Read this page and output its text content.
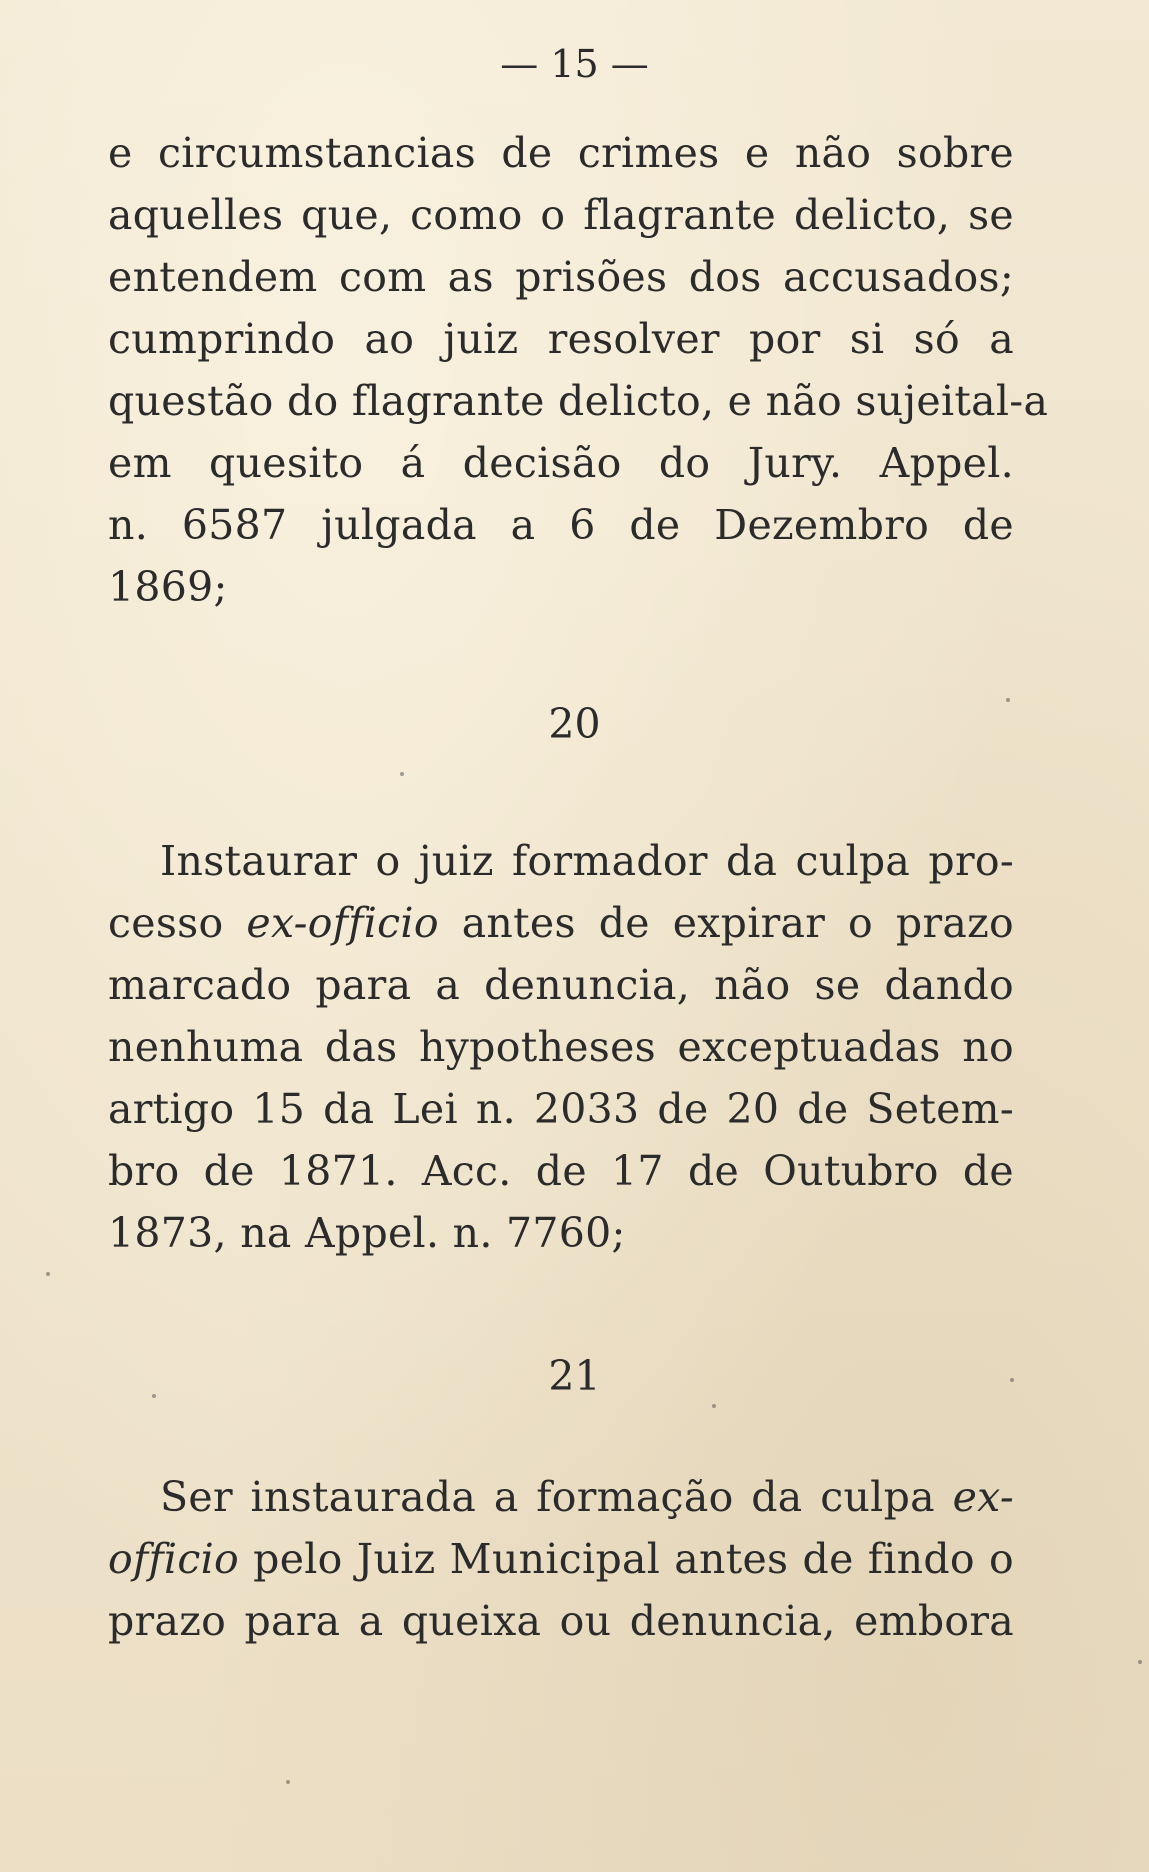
— 15 —
e circumstancias de crimes e não sobre
aquelles que, como o flagrante delicto, se
entendem com as prisões dos accusados;
cumprindo ao juiz resolver por si só a
questão do flagrante delicto, e não sujeital-a
em quesito á decisão do Jury. Appel.
n. 6587 julgada a 6 de Dezembro de
1869;
20
Instaurar o juiz formador da culpa pro-
cesso ex-officio antes de expirar o prazo
marcado para a denuncia, não se dando
nenhuma das hypotheses exceptuadas no
artigo 15 da Lei n. 2033 de 20 de Setem-
bro de 1871. Acc. de 17 de Outubro de
1873, na Appel. n. 7760;
21
Ser instaurada a formação da culpa ex-
officio pelo Juiz Municipal antes de findo o
prazo para a queixa ou denuncia, embora
